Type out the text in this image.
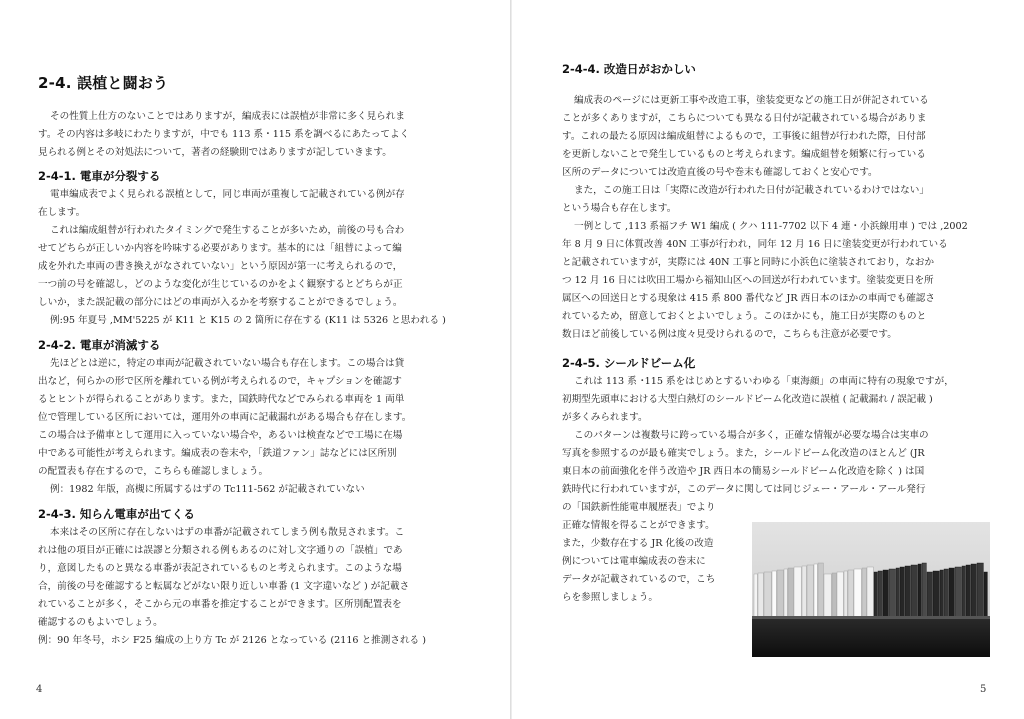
2-4. 誤植と闘おう
その性質上仕方のないことではありますが，編成表には誤植が非常に多く見られま
す。その内容は多岐にわたりますが，中でも 113 系・115 系を調べるにあたってよく
見られる例とその対処法について，著者の経験則ではありますが記していきます。
2-4-1. 電車が分裂する
電車編成表でよく見られる誤植として，同じ車両が重複して記載されている例が存
在します。
これは編成組替が行われたタイミングで発生することが多いため，前後の号も合わ
せてどちらが正しいか内容を吟味する必要があります。基本的には「組替によって編
成を外れた車両の書き換えがなされていない」という原因が第一に考えられるので，
一つ前の号を確認し，どのような変化が生じているのかをよく観察するとどちらが正
しいか，また誤記載の部分にはどの車両が入るかを考察することができるでしょう。
例:95 年夏号 ,MM'5225 が K11 と K15 の 2 箇所に存在する (K11 は 5326 と思われる )
2-4-2. 電車が消滅する
先ほどとは逆に，特定の車両が記載されていない場合も存在します。この場合は貸
出など，何らかの形で区所を離れている例が考えられるので，キャプションを確認す
るとヒントが得られることがあります。また，国鉄時代などでみられる車両を 1 両単
位で管理している区所においては，運用外の車両に記載漏れがある場合も存在します。
この場合は予備車として運用に入っていない場合や，あるいは検査などで工場に在場
中である可能性が考えられます。編成表の巻末や，「鉄道ファン」誌などには区所別
の配置表も存在するので，こちらも確認しましょう。
例：1982 年版，高槻に所属するはずの Tc111-562 が記載されていない
2-4-3. 知らん電車が出てくる
本来はその区所に存在しないはずの車番が記載されてしまう例も散見されます。こ
れは他の項目が正確には誤謬と分類される例もあるのに対し文字通りの「誤植」であ
り，意図したものと異なる車番が表記されているものと考えられます。このような場
合，前後の号を確認すると転属などがない限り近しい車番 (1 文字違いなど ) が記載さ
れていることが多く，そこから元の車番を推定することができます。区所別配置表を
確認するのもよいでしょう。
例：90 年冬号，ホシ F25 編成の上り方 Tc が 2126 となっている (2116 と推測される )
4
2-4-4. 改造日がおかしい
編成表のページには更新工事や改造工事，塗装変更などの施工日が併記されている
ことが多くありますが，こちらについても異なる日付が記載されている場合がありま
す。これの最たる原因は編成組替によるもので，工事後に組替が行われた際，日付部
を更新しないことで発生しているものと考えられます。編成組替を頻繁に行っている
区所のデータについては改造直後の号や巻末も確認しておくと安心です。
また，この施工日は「実際に改造が行われた日付が記載されているわけではない」
という場合も存在します。
一例として ,113 系福フチ W1 編成 ( クハ 111-7702 以下 4 連・小浜線用車 ) では ,2002
年 8 月 9 日に体質改善 40N 工事が行われ，同年 12 月 16 日に塗装変更が行われている
と記載されていますが，実際には 40N 工事と同時に小浜色に塗装されており，なおか
つ 12 月 16 日には吹田工場から福知山区への回送が行われています。塗装変更日を所
属区への回送日とする現象は 415 系 800 番代など JR 西日本のほかの車両でも確認さ
れているため，留意しておくとよいでしょう。このほかにも，施工日が実際のものと
数日ほど前後している例は度々見受けられるので，こちらも注意が必要です。
2-4-5. シールドビーム化
これは 113 系 ･115 系をはじめとするいわゆる「東海顔」の車両に特有の現象ですが，
初期型先頭車における大型白熱灯のシールドビーム化改造に誤植 ( 記載漏れ / 誤記載 )
が多くみられます。
このパターンは複数号に跨っている場合が多く，正確な情報が必要な場合は実車の
写真を参照するのが最も確実でしょう。また，シールドビーム化改造のほとんど (JR
東日本の前面強化を伴う改造や JR 西日本の簡易シールドビーム化改造を除く ) は国
鉄時代に行われていますが，このデータに関しては同じジェー・アール・アール発行
の「国鉄新性能電車履歴表」でより
正確な情報を得ることができます。
また，少数存在する JR 化後の改造
例については電車編成表の巻末に
データが記載されているので，こち
らを参照しましょう。
5
